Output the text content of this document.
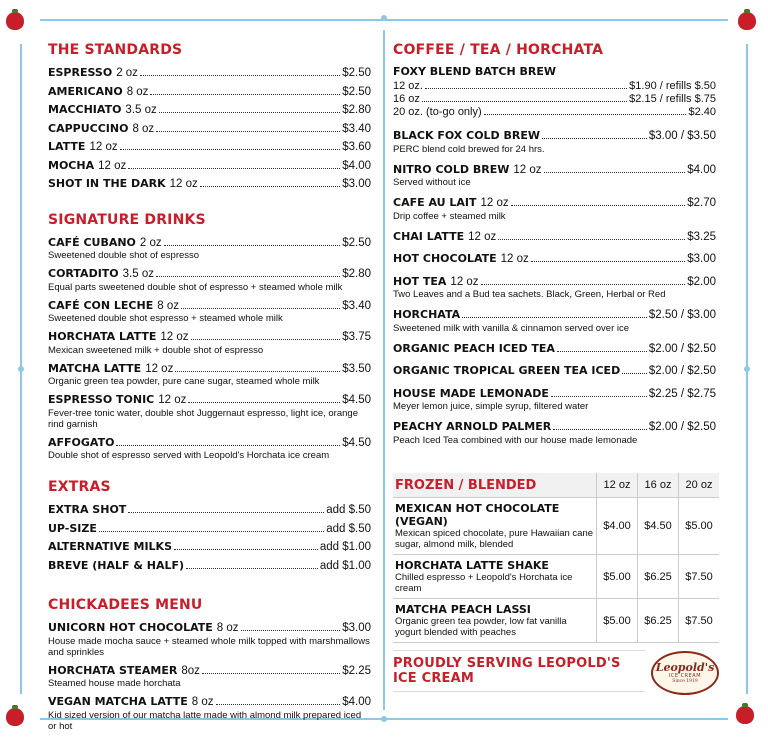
THE STANDARDS
ESPRESSO 2 oz	$2.50
AMERICANO 8 oz	$2.50
MACCHIATO 3.5 oz	$2.80
CAPPUCCINO 8 oz	$3.40
LATTE 12 oz	$3.60
MOCHA 12 oz	$4.00
SHOT IN THE DARK 12 oz	$3.00
SIGNATURE DRINKS
CAFÉ CUBANO 2 oz	$2.50
Sweetened double shot of espresso
CORTADITO 3.5 oz	$2.80
Equal parts sweetened double shot of espresso + steamed whole milk
CAFÉ CON LECHE 8 oz	$3.40
Sweetened double shot espresso + steamed whole milk
HORCHATA LATTE 12 oz	$3.75
Mexican sweetened milk + double shot of espresso
MATCHA LATTE 12 oz	$3.50
Organic green tea powder, pure cane sugar, steamed whole milk
ESPRESSO TONIC 12 oz	$4.50
Fever-tree tonic water, double shot Juggernaut espresso, light ice, orange rind garnish
AFFOGATO	$4.50
Double shot of espresso served with Leopold's Horchata ice cream
EXTRAS
EXTRA SHOT	add $.50
UP-SIZE	add $.50
ALTERNATIVE MILKS	add $1.00
BREVE (HALF & HALF)	add $1.00
CHICKADEES MENU
UNICORN HOT CHOCOLATE 8 oz	$3.00
House made mocha sauce + steamed whole milk topped with marshmallows and sprinkles
HORCHATA STEAMER 8oz	$2.25
Steamed house made horchata
VEGAN MATCHA LATTE 8 oz	$4.00
Kid sized version of our matcha latte made with almond milk prepared iced or hot
COFFEE / TEA / HORCHATA
FOXY BLEND BATCH BREW
12 oz.	$1.90 / refills $.50
16 oz	$2.15 / refills $.75
20 oz. (to-go only)	$2.40
BLACK FOX COLD BREW	$3.00 / $3.50
PERC blend cold brewed for 24 hrs.
NITRO COLD BREW 12 oz	$4.00
Served without ice
CAFE AU LAIT 12 oz	$2.70
Drip coffee + steamed milk
CHAI LATTE 12 oz	$3.25
HOT CHOCOLATE 12 oz	$3.00
HOT TEA 12 oz	$2.00
Two Leaves and a Bud tea sachets. Black, Green, Herbal or Red
HORCHATA	$2.50 / $3.00
Sweetened milk with vanilla & cinnamon served over ice
ORGANIC PEACH ICED TEA	$2.00 / $2.50
ORGANIC TROPICAL GREEN TEA ICED $2.00 / $2.50
HOUSE MADE LEMONADE	$2.25 / $2.75
Meyer lemon juice, simple syrup, filtered water
PEACHY ARNOLD PALMER	$2.00 / $2.50
Peach Iced Tea combined with our house made lemonade
FROZEN / BLENDED	12 oz	16 oz	20 oz

MEXICAN HOT CHOCOLATE (VEGAN)
Mexican spiced chocolate, pure Hawaiian cane sugar, almond milk, blended	$4.00	$4.50	$5.00

HORCHATA LATTE SHAKE
Chilled espresso + Leopold's Horchata ice cream	$5.00	$6.25	$7.50

MATCHA PEACH LASSI
Organic green tea powder, low fat vanilla yogurt blended with peaches	$5.00	$6.25	$7.50
PROUDLY SERVING LEOPOLD'S ICE CREAM
Leopold's
ICE CREAM
Since 1919
